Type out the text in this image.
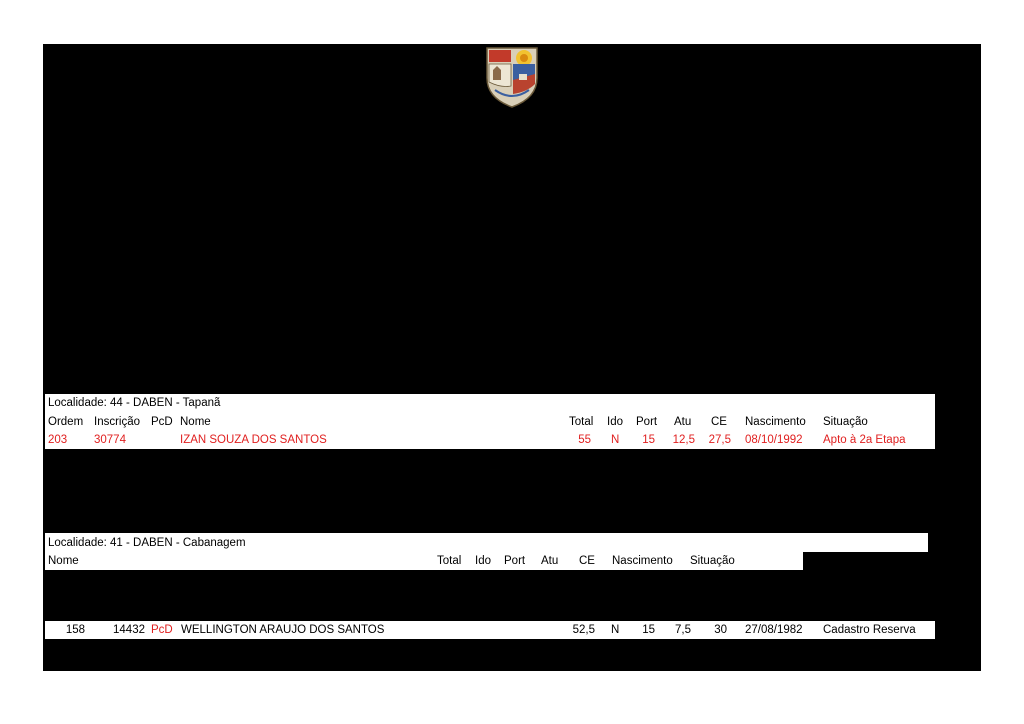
Localidade: 44 - DABEN - Tapanã
Ordem Inscrição PcD Nome	Total Ido Port Atu CE Nascimento Situação
203 30774	IZAN SOUZA DOS SANTOS	55 N	15	12,5	27,5 08/10/1992 Apto à 2a Etapa
Localidade: 41 - DABEN - Cabanagem
Nome	Total Ido Port Atu CE Nascimento Situação
158	14432 PcD WELLINGTON ARAUJO DOS SANTOS	52,5 N	15	7,5	30 27/08/1982 Cadastro Reserva
